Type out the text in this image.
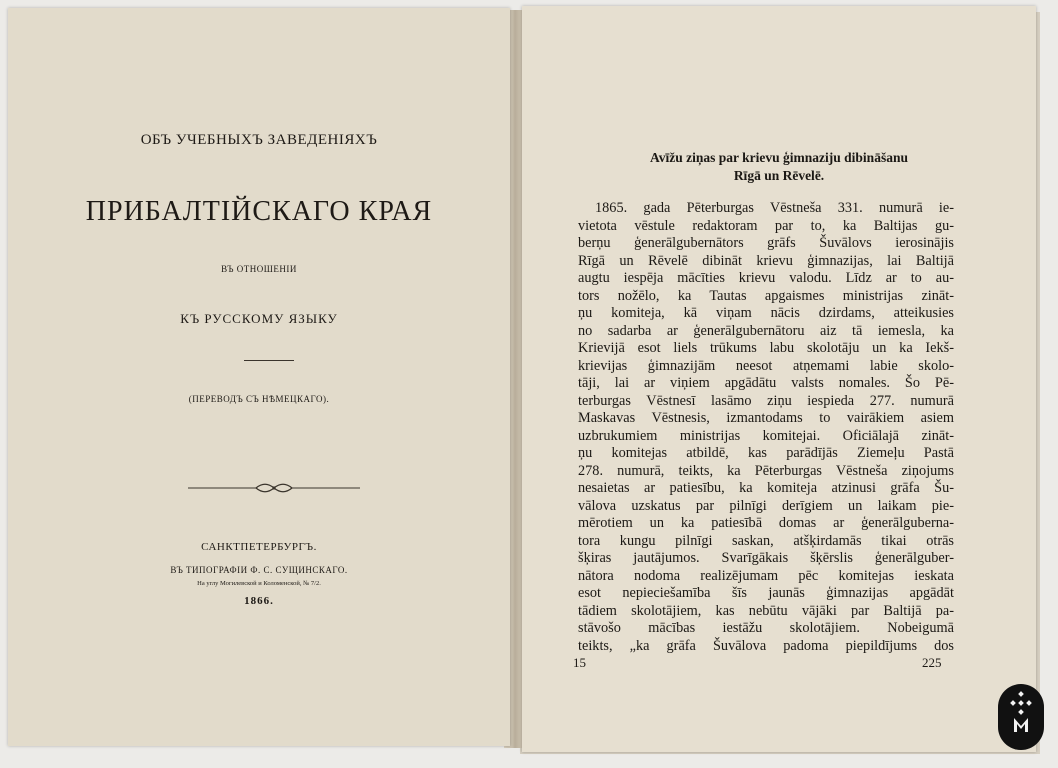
ОБЪ УЧЕБНЫХЪ ЗАВЕДЕНІЯХЪ
ПРИБАЛТІЙСКАГО КРАЯ
ВЪ ОТНОШЕНІИ
КЪ РУССКОМУ ЯЗЫКУ
(ПЕРЕВОДЪ СЪ НѢМЕЦКАГО).
САНКТПЕТЕРБУРГЪ.
ВЪ ТИПОГРАФІИ Ф. С. СУЩИНСКАГО.
На углу Могилевской и Коломенской, № 7/2.
1866.
Avīžu ziņas par krievu ģimnaziju dibināšanu
Rīgā un Rēvelē.
1865. gada Pēterburgas Vēstneša 331. numurā ie-
vietota vēstule redaktoram par to, ka Baltijas gu-
berņu ģenerālgubernātors grāfs Šuvālovs ierosinājis
Rīgā un Rēvelē dibināt krievu ģimnazijas, lai Baltijā
augtu iespēja mācīties krievu valodu. Līdz ar to au-
tors nožēlo, ka Tautas apgaismes ministrijas zināt-
ņu komiteja, kā viņam nācis dzirdams, atteikusies
no sadarba ar ģenerālgubernātoru aiz tā iemesla, ka
Krievijā esot liels trūkums labu skolotāju un ka Iekš-
krievijas ģimnazijām neesot atņemami labie skolo-
tāji, lai ar viņiem apgādātu valsts nomales. Šo Pē-
terburgas Vēstnesī lasāmo ziņu iespieda 277. numurā
Maskavas Vēstnesis, izmantodams to vairākiem asiem
uzbrukumiem ministrijas komitejai. Oficiālajā zināt-
ņu komitejas atbildē, kas parādījās Ziemeļu Pastā
278. numurā, teikts, ka Pēterburgas Vēstneša ziņojums
nesaietas ar patiesību, ka komiteja atzinusi grāfa Šu-
vālova uzskatus par pilnīgi derīgiem un laikam pie-
mērotiem un ka patiesībā domas ar ģenerālguberna-
tora kungu pilnīgi saskan, atšķirdamās tikai otrās
šķiras jautājumos. Svarīgākais šķērslis ģenerālguber-
nātora nodoma realizējumam pēc komitejas ieskata
esot nepieciešamība šīs jaunās ģimnazijas apgādāt
tādiem skolotājiem, kas nebūtu vājāki par Baltijā pa-
stāvošo mācības iestāžu skolotājiem. Nobeigumā
teikts, „ka grāfa Šuvālova padoma piepildījums dos
15	225
